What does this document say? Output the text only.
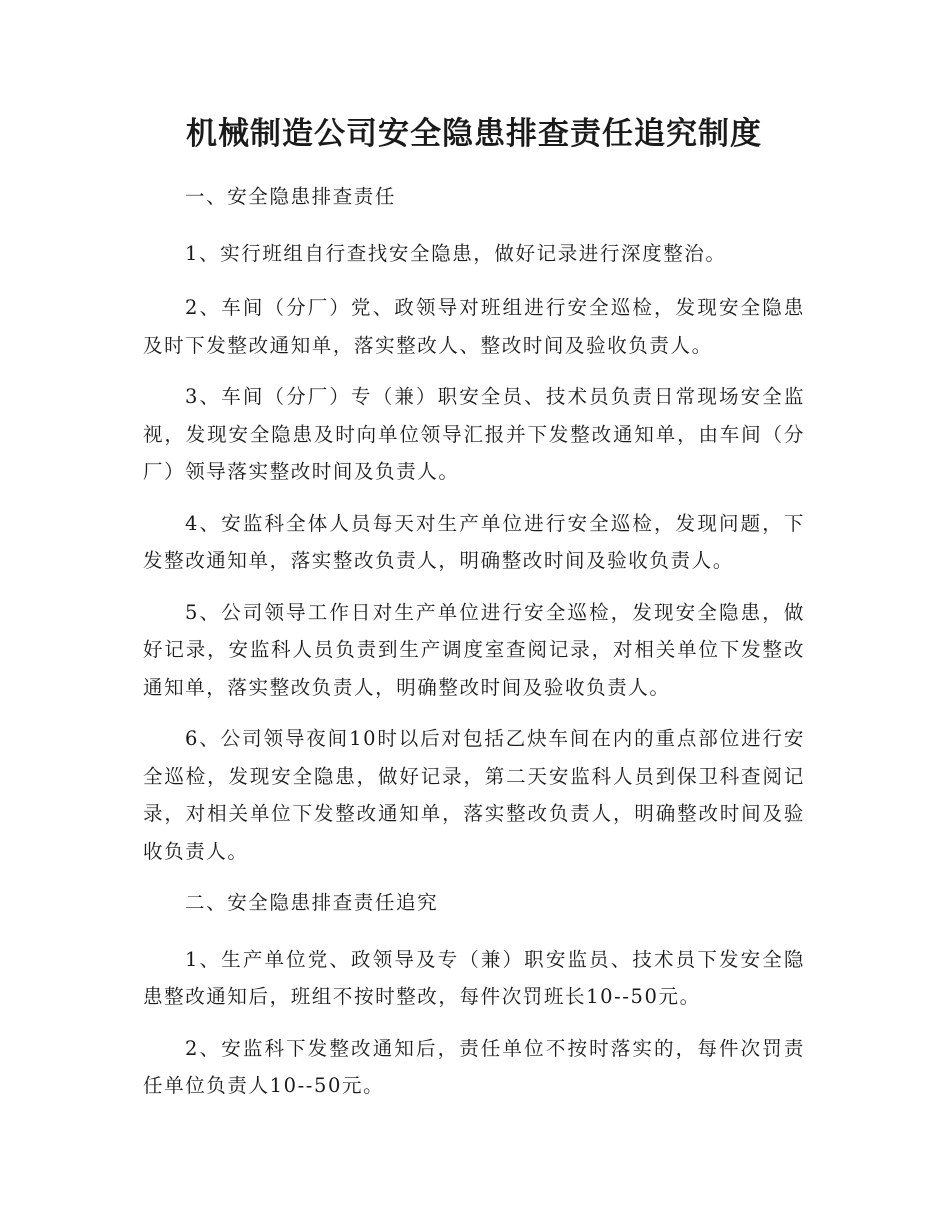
机械制造公司安全隐患排查责任追究制度

一、安全隐患排查责任

1、实行班组自行查找安全隐患，做好记录进行深度整治。

2、车间（分厂）党、政领导对班组进行安全巡检，发现安全隐患及时下发整改通知单，落实整改人、整改时间及验收负责人。

3、车间（分厂）专（兼）职安全员、技术员负责日常现场安全监视，发现安全隐患及时向单位领导汇报并下发整改通知单，由车间（分厂）领导落实整改时间及负责人。

4、安监科全体人员每天对生产单位进行安全巡检，发现问题，下发整改通知单，落实整改负责人，明确整改时间及验收负责人。

5、公司领导工作日对生产单位进行安全巡检，发现安全隐患，做好记录，安监科人员负责到生产调度室查阅记录，对相关单位下发整改通知单，落实整改负责人，明确整改时间及验收负责人。

6、公司领导夜间10时以后对包括乙炔车间在内的重点部位进行安全巡检，发现安全隐患，做好记录，第二天安监科人员到保卫科查阅记录，对相关单位下发整改通知单，落实整改负责人，明确整改时间及验收负责人。

二、安全隐患排查责任追究

1、生产单位党、政领导及专（兼）职安监员、技术员下发安全隐患整改通知后，班组不按时整改，每件次罚班长10--50元。

2、安监科下发整改通知后，责任单位不按时落实的，每件次罚责任单位负责人10--50元。
